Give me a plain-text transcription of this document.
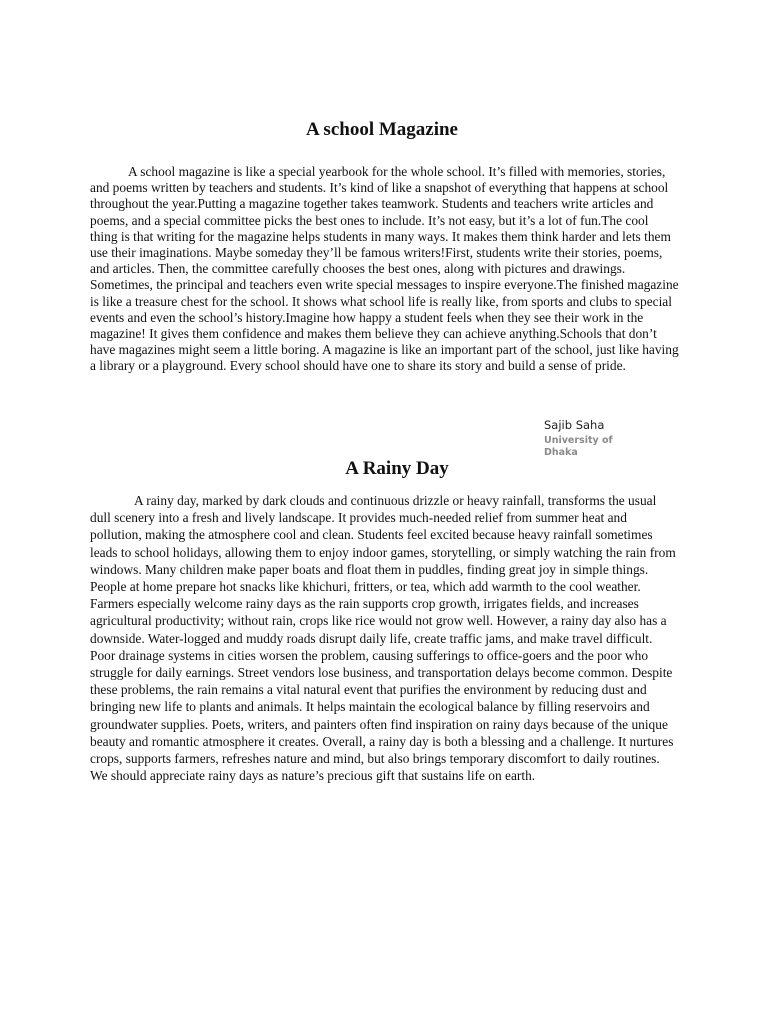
A school Magazine

A school magazine is like a special yearbook for the whole school. It’s filled with memories, stories, and poems written by teachers and students. It’s kind of like a snapshot of everything that happens at school throughout the year.Putting a magazine together takes teamwork. Students and teachers write articles and poems, and a special committee picks the best ones to include. It’s not easy, but it’s a lot of fun.The cool thing is that writing for the magazine helps students in many ways. It makes them think harder and lets them use their imaginations. Maybe someday they’ll be famous writers!First, students write their stories, poems, and articles. Then, the committee carefully chooses the best ones, along with pictures and drawings. Sometimes, the principal and teachers even write special messages to inspire everyone.The finished magazine is like a treasure chest for the school. It shows what school life is really like, from sports and clubs to special events and even the school’s history.Imagine how happy a student feels when they see their work in the magazine! It gives them confidence and makes them believe they can achieve anything.Schools that don’t have magazines might seem a little boring. A magazine is like an important part of the school, just like having a library or a playground. Every school should have one to share its story and build a sense of pride.

Sajib Saha

University of Dhaka

A Rainy Day

A rainy day, marked by dark clouds and continuous drizzle or heavy rainfall, transforms the usual dull scenery into a fresh and lively landscape. It provides much-needed relief from summer heat and pollution, making the atmosphere cool and clean. Students feel excited because heavy rainfall sometimes leads to school holidays, allowing them to enjoy indoor games, storytelling, or simply watching the rain from windows. Many children make paper boats and float them in puddles, finding great joy in simple things. People at home prepare hot snacks like khichuri, fritters, or tea, which add warmth to the cool weather. Farmers especially welcome rainy days as the rain supports crop growth, irrigates fields, and increases agricultural productivity; without rain, crops like rice would not grow well. However, a rainy day also has a downside. Water-logged and muddy roads disrupt daily life, create traffic jams, and make travel difficult. Poor drainage systems in cities worsen the problem, causing sufferings to office-goers and the poor who struggle for daily earnings. Street vendors lose business, and transportation delays become common. Despite these problems, the rain remains a vital natural event that purifies the environment by reducing dust and bringing new life to plants and animals. It helps maintain the ecological balance by filling reservoirs and groundwater supplies. Poets, writers, and painters often find inspiration on rainy days because of the unique beauty and romantic atmosphere it creates. Overall, a rainy day is both a blessing and a challenge. It nurtures crops, supports farmers, refreshes nature and mind, but also brings temporary discomfort to daily routines. We should appreciate rainy days as nature’s precious gift that sustains life on earth.
